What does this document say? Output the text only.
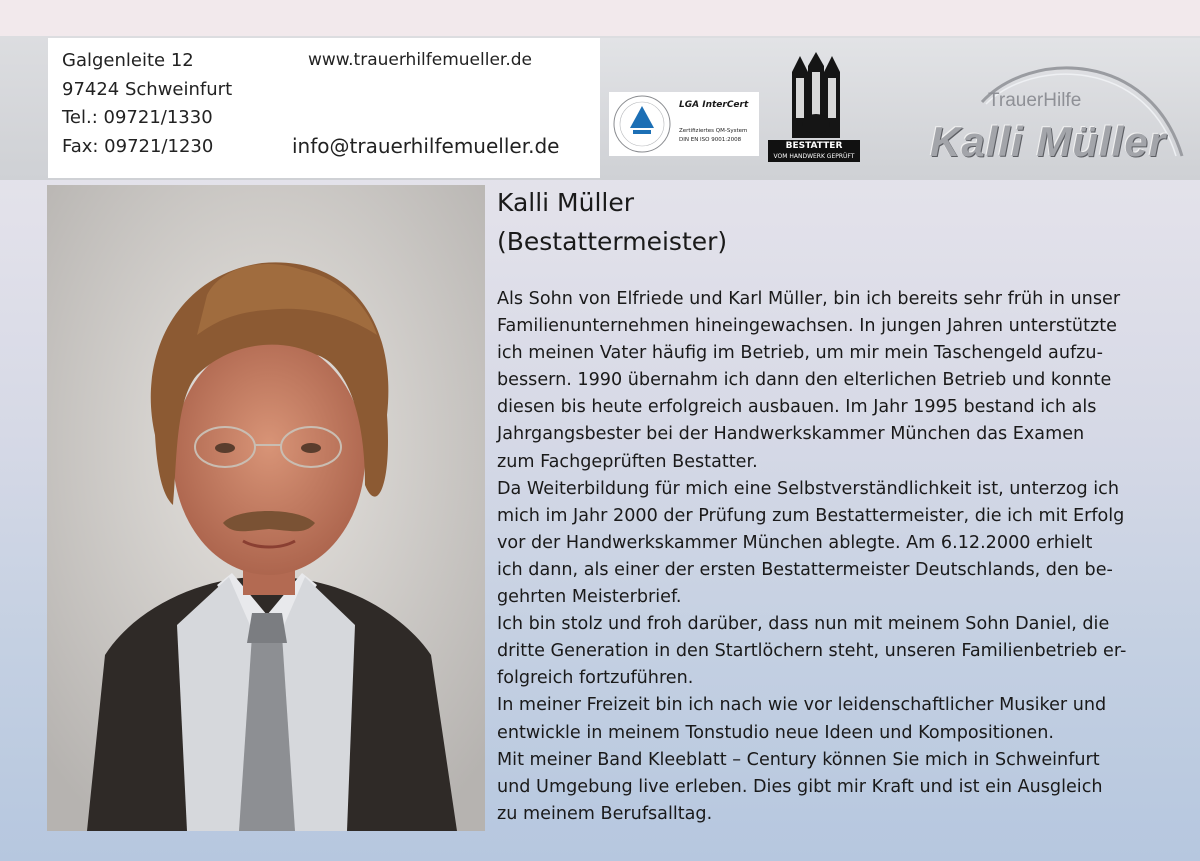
Galgenleite 12
97424 Schweinfurt
Tel.: 09721/1330
Fax: 09721/1230
www.trauerhilfemueller.de
info@trauerhilfemueller.de
LGA InterCert
Zertifiziertes QM-System
DIN EN ISO 9001:2008
BESTATTER
VOM HANDWERK GEPRÜFT
TrauerHilfe
Kalli Müller
Kalli Müller
(Bestattermeister)

Als Sohn von Elfriede und Karl Müller, bin ich bereits sehr früh in unser

Familienunternehmen hineingewachsen. In jungen Jahren unterstützte

ich meinen Vater häufig im Betrieb, um mir mein Taschengeld aufzu-

bessern. 1990 übernahm ich dann den elterlichen Betrieb und konnte

diesen bis heute erfolgreich ausbauen. Im Jahr 1995 bestand ich als

Jahrgangsbester bei der Handwerkskammer München das Examen

zum Fachgeprüften Bestatter.

Da Weiterbildung für mich eine Selbstverständlichkeit ist, unterzog ich

mich im Jahr 2000 der Prüfung zum Bestattermeister, die ich mit Erfolg

vor der Handwerkskammer München ablegte. Am 6.12.2000 erhielt

ich dann, als einer der ersten Bestattermeister Deutschlands, den be-

gehrten Meisterbrief.

Ich bin stolz und froh darüber, dass nun mit meinem Sohn Daniel, die

dritte Generation in den Startlöchern steht, unseren Familienbetrieb er-

folgreich fortzuführen.

In meiner Freizeit bin ich nach wie vor leidenschaftlicher Musiker und

entwickle in meinem Tonstudio neue Ideen und Kompositionen.

Mit meiner Band Kleeblatt – Century können Sie mich in Schweinfurt

und Umgebung live erleben. Dies gibt mir Kraft und ist ein Ausgleich

zu meinem Berufsalltag.
